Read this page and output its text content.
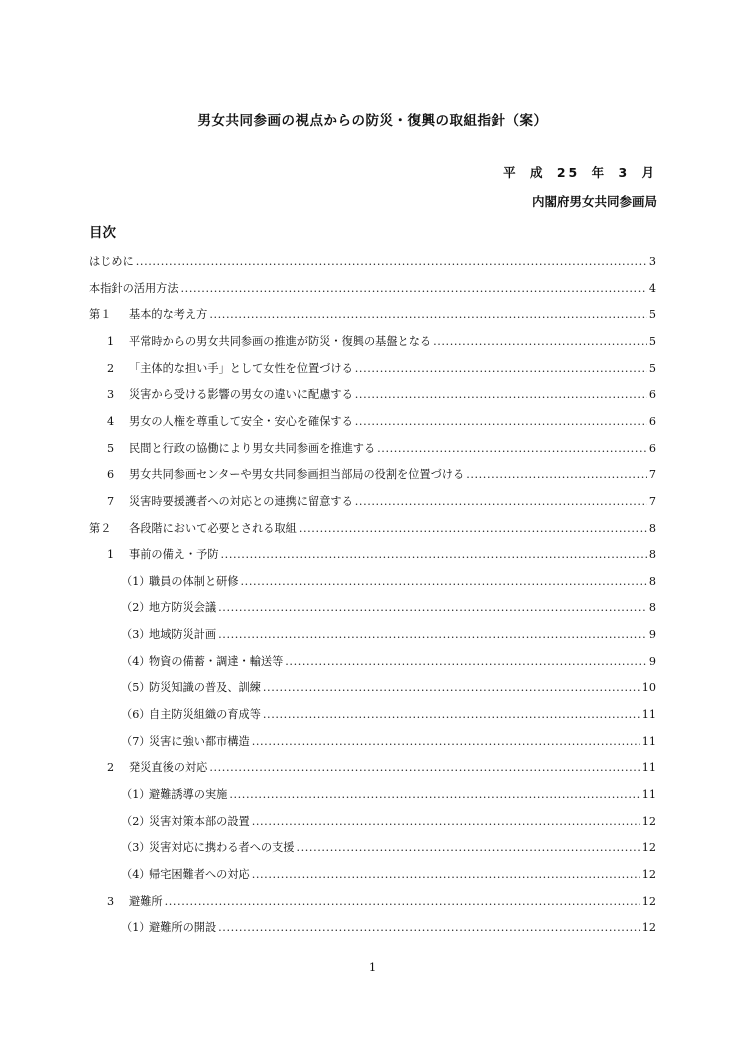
男女共同参画の視点からの防災・復興の取組指針（案）
平 成 25 年 3 月
内閣府男女共同参画局
目次
はじめに .....	3
本指針の活用方法 .....	4
第１ 基本的な考え方 .....	5
1 平常時からの男女共同参画の推進が防災・復興の基盤となる .....	5
2 「主体的な担い手」として女性を位置づける .....	5
3 災害から受ける影響の男女の違いに配慮する .....	6
4 男女の人権を尊重して安全・安心を確保する .....	6
5 民間と行政の協働により男女共同参画を推進する .....	6
6 男女共同参画センターや男女共同参画担当部局の役割を位置づける .....	7
7 災害時要援護者への対応との連携に留意する .....	7
第２ 各段階において必要とされる取組 .....	8
1 事前の備え・予防 .....	8
（1）職員の体制と研修 .....	8
（2）地方防災会議 .....	8
（3）地域防災計画 .....	9
（4）物資の備蓄・調達・輸送等 .....	9
（5）防災知識の普及、訓練 .....	10
（6）自主防災組織の育成等 .....	11
（7）災害に強い都市構造 .....	11
2 発災直後の対応 .....	11
（1）避難誘導の実施 .....	11
（2）災害対策本部の設置 .....	12
（3）災害対応に携わる者への支援 .....	12
（4）帰宅困難者への対応 .....	12
3 避難所 .....	12
（1）避難所の開設 .....	12
1
